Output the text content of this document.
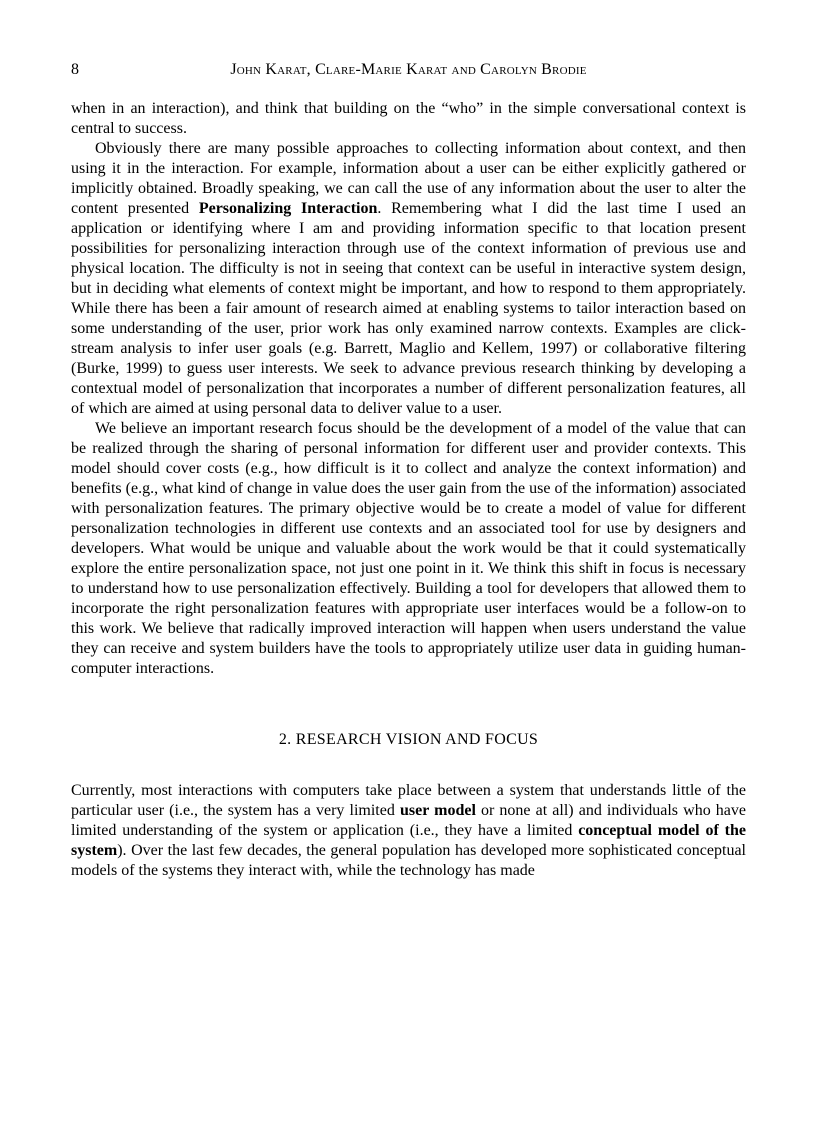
8	John Karat, Clare-Marie Karat and Carolyn Brodie

when in an interaction), and think that building on the “who” in the simple conversational context is central to success.

Obviously there are many possible approaches to collecting information about context, and then using it in the interaction. For example, information about a user can be either explicitly gathered or implicitly obtained. Broadly speaking, we can call the use of any information about the user to alter the content presented Personalizing Interaction. Remembering what I did the last time I used an application or identifying where I am and providing information specific to that location present possibilities for personalizing interaction through use of the context information of previous use and physical location. The difficulty is not in seeing that context can be useful in interactive system design, but in deciding what elements of context might be important, and how to respond to them appropriately. While there has been a fair amount of research aimed at enabling systems to tailor interaction based on some understanding of the user, prior work has only examined narrow contexts. Examples are click-stream analysis to infer user goals (e.g. Barrett, Maglio and Kellem, 1997) or collaborative filtering (Burke, 1999) to guess user interests. We seek to advance previous research thinking by developing a contextual model of personalization that incorporates a number of different personalization features, all of which are aimed at using personal data to deliver value to a user.

We believe an important research focus should be the development of a model of the value that can be realized through the sharing of personal information for different user and provider contexts. This model should cover costs (e.g., how difficult is it to collect and analyze the context information) and benefits (e.g., what kind of change in value does the user gain from the use of the information) associated with personalization features. The primary objective would be to create a model of value for different personalization technologies in different use contexts and an associated tool for use by designers and developers. What would be unique and valuable about the work would be that it could systematically explore the entire personalization space, not just one point in it. We think this shift in focus is necessary to understand how to use personalization effectively. Building a tool for developers that allowed them to incorporate the right personalization features with appropriate user interfaces would be a follow-on to this work. We believe that radically improved interaction will happen when users understand the value they can receive and system builders have the tools to appropriately utilize user data in guiding human-computer interactions.

2. RESEARCH VISION AND FOCUS

Currently, most interactions with computers take place between a system that understands little of the particular user (i.e., the system has a very limited user model or none at all) and individuals who have limited understanding of the system or application (i.e., they have a limited conceptual model of the system). Over the last few decades, the general population has developed more sophisticated conceptual models of the systems they interact with, while the technology has made
